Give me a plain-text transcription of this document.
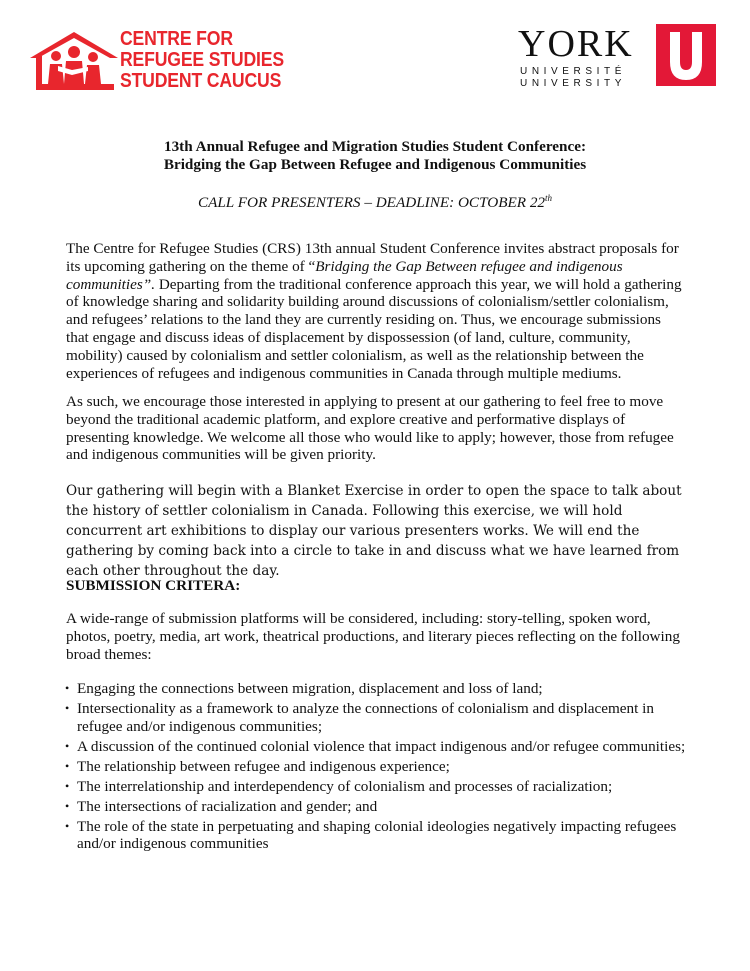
CENTRE FOR
REFUGEE STUDIES
STUDENT CAUCUS
YORK
UNIVERSITÉ
UNIVERSITY
13th Annual Refugee and Migration Studies Student Conference:
Bridging the Gap Between Refugee and Indigenous Communities
CALL FOR PRESENTERS – DEADLINE: OCTOBER 22th
The Centre for Refugee Studies (CRS) 13th annual Student Conference invites abstract proposals for its upcoming gathering on the theme of “Bridging the Gap Between refugee and indigenous communities”. Departing from the traditional conference approach this year, we will hold a gathering of knowledge sharing and solidarity building around discussions of colonialism/settler colonialism, and refugees’ relations to the land they are currently residing on. Thus, we encourage submissions that engage and discuss ideas of displacement by dispossession (of land, culture, community, mobility) caused by colonialism and settler colonialism, as well as the relationship between the experiences of refugees and indigenous communities in Canada through multiple mediums.
As such, we encourage those interested in applying to present at our gathering to feel free to move beyond the traditional academic platform, and explore creative and performative displays of presenting knowledge. We welcome all those who would like to apply; however, those from refugee and indigenous communities will be given priority.
Our gathering will begin with a Blanket Exercise in order to open the space to talk about the history of settler colonialism in Canada. Following this exercise, we will hold concurrent art exhibitions to display our various presenters works. We will end the gathering by coming back into a circle to take in and discuss what we have learned from each other throughout the day.
SUBMISSION CRITERA:
A wide-range of submission platforms will be considered, including: story-telling, spoken word, photos, poetry, media, art work, theatrical productions, and literary pieces reflecting on the following broad themes:
• Engaging the connections between migration, displacement and loss of land;
• Intersectionality as a framework to analyze the connections of colonialism and displacement in refugee and/or indigenous communities;
• A discussion of the continued colonial violence that impact indigenous and/or refugee communities;
• The relationship between refugee and indigenous experience;
• The interrelationship and interdependency of colonialism and processes of racialization;
• The intersections of racialization and gender; and
• The role of the state in perpetuating and shaping colonial ideologies negatively impacting refugees and/or indigenous communities
